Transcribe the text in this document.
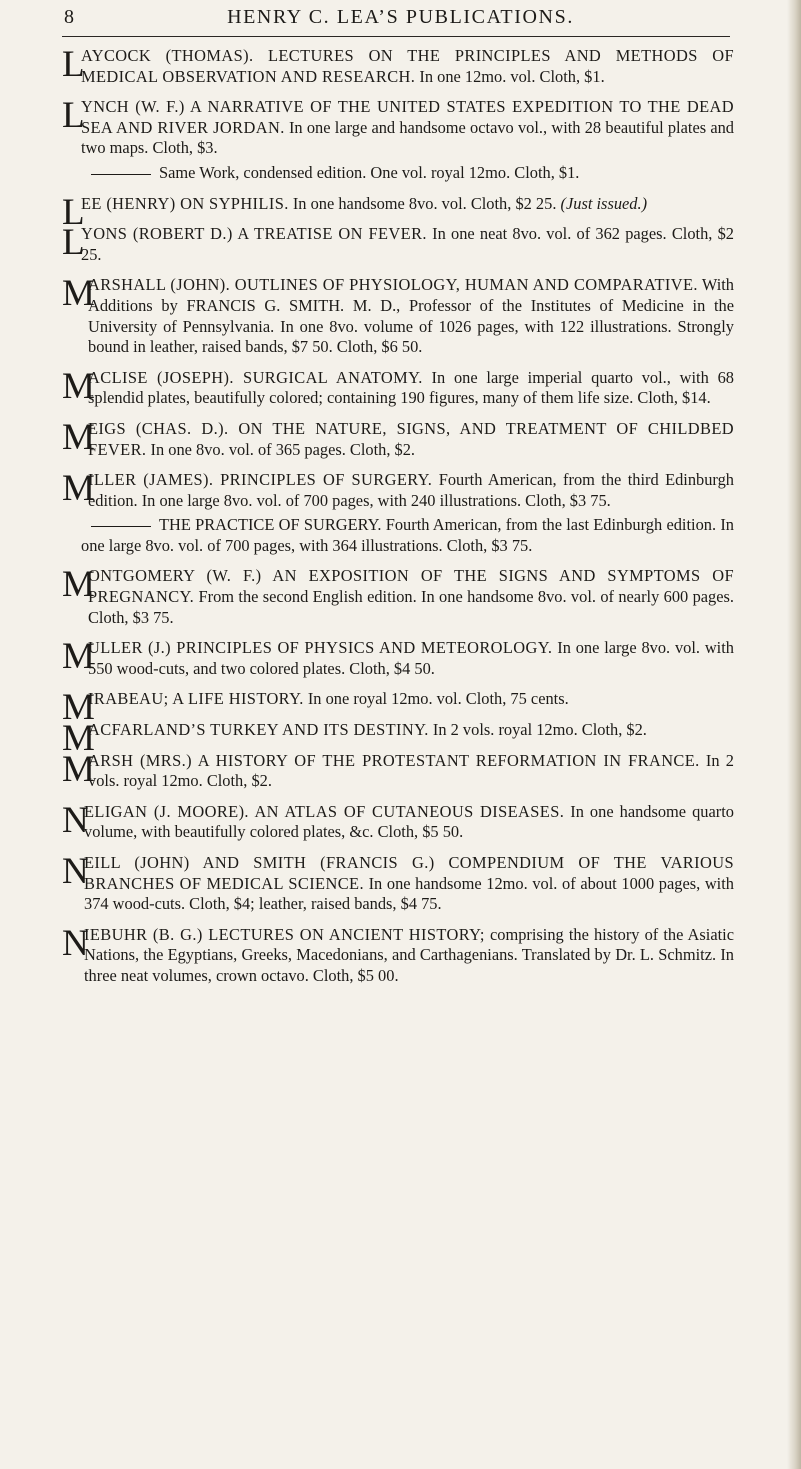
8	HENRY C. LEA’S PUBLICATIONS.
L

AYCOCK (THOMAS). LECTURES ON THE PRINCIPLES AND METHODS OF MEDICAL OBSERVATION AND RESEARCH. In one 12mo. vol. Cloth, $1.

L

YNCH (W. F.) A NARRATIVE OF THE UNITED STATES EXPEDITION TO THE DEAD SEA AND RIVER JORDAN. In one large and handsome octavo vol., with 28 beautiful plates and two maps. Cloth, $3.

Same Work, condensed edition. One vol. royal 12mo. Cloth, $1.

L

EE (HENRY) ON SYPHILIS. In one handsome 8vo. vol. Cloth, $2 25. (Just issued.)

L

YONS (ROBERT D.) A TREATISE ON FEVER. In one neat 8vo. vol. of 362 pages. Cloth, $2 25.

M

ARSHALL (JOHN). OUTLINES OF PHYSIOLOGY, HUMAN AND COMPARATIVE. With Additions by FRANCIS G. SMITH. M. D., Professor of the Institutes of Medicine in the University of Pennsylvania. In one 8vo. volume of 1026 pages, with 122 illustrations. Strongly bound in leather, raised bands, $7 50. Cloth, $6 50.

M

ACLISE (JOSEPH). SURGICAL ANATOMY. In one large imperial quarto vol., with 68 splendid plates, beautifully colored; containing 190 figures, many of them life size. Cloth, $14.

M

EIGS (CHAS. D.). ON THE NATURE, SIGNS, AND TREATMENT OF CHILDBED FEVER. In one 8vo. vol. of 365 pages. Cloth, $2.

M

ILLER (JAMES). PRINCIPLES OF SURGERY. Fourth American, from the third Edinburgh edition. In one large 8vo. vol. of 700 pages, with 240 illustrations. Cloth, $3 75.

THE PRACTICE OF SURGERY. Fourth American, from the last Edinburgh edition. In one large 8vo. vol. of 700 pages, with 364 illustrations. Cloth, $3 75.

M

ONTGOMERY (W. F.) AN EXPOSITION OF THE SIGNS AND SYMPTOMS OF PREGNANCY. From the second English edition. In one handsome 8vo. vol. of nearly 600 pages. Cloth, $3 75.

M

ULLER (J.) PRINCIPLES OF PHYSICS AND METEOROLOGY. In one large 8vo. vol. with 550 wood-cuts, and two colored plates. Cloth, $4 50.

M

IRABEAU; A LIFE HISTORY. In one royal 12mo. vol. Cloth, 75 cents.

M

ACFARLAND’S TURKEY AND ITS DESTINY. In 2 vols. royal 12mo. Cloth, $2.

M

ARSH (MRS.) A HISTORY OF THE PROTESTANT REFORMATION IN FRANCE. In 2 vols. royal 12mo. Cloth, $2.

N

ELIGAN (J. MOORE). AN ATLAS OF CUTANEOUS DISEASES. In one handsome quarto volume, with beautifully colored plates, &c. Cloth, $5 50.

N

EILL (JOHN) AND SMITH (FRANCIS G.) COMPENDIUM OF THE VARIOUS BRANCHES OF MEDICAL SCIENCE. In one handsome 12mo. vol. of about 1000 pages, with 374 wood-cuts. Cloth, $4; leather, raised bands, $4 75.

N

IEBUHR (B. G.) LECTURES ON ANCIENT HISTORY; comprising the history of the Asiatic Nations, the Egyptians, Greeks, Macedonians, and Carthagenians. Translated by Dr. L. Schmitz. In three neat volumes, crown octavo. Cloth, $5 00.
